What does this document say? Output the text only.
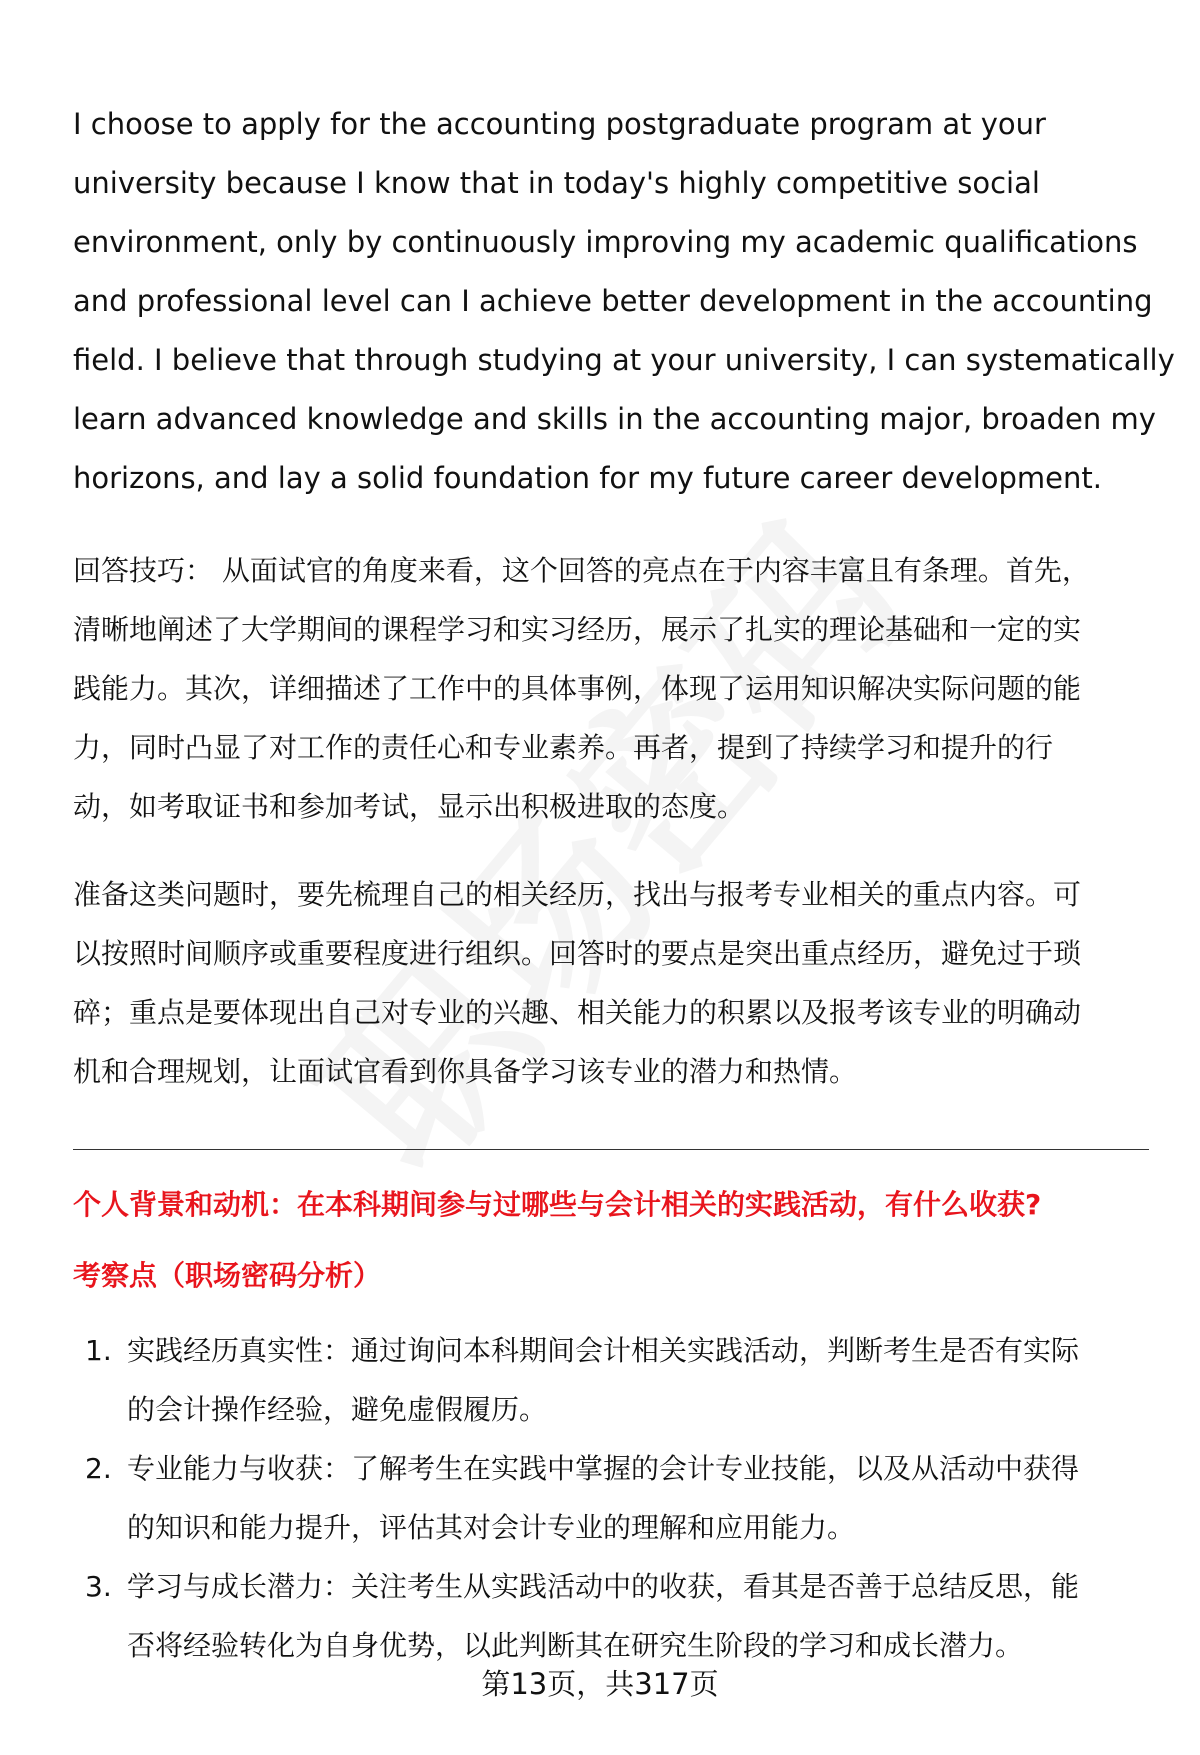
I choose to apply for the accounting postgraduate program at your
university because I know that in today's highly competitive social
environment, only by continuously improving my academic qualifications
and professional level can I achieve better development in the accounting
field. I believe that through studying at your university, I can systematically
learn advanced knowledge and skills in the accounting major, broaden my
horizons, and lay a solid foundation for my future career development.
回答技巧： 从面试官的角度来看，这个回答的亮点在于内容丰富且有条理。首先，
清晰地阐述了大学期间的课程学习和实习经历，展示了扎实的理论基础和一定的实
践能力。其次，详细描述了工作中的具体事例，体现了运用知识解决实际问题的能
力，同时凸显了对工作的责任心和专业素养。再者，提到了持续学习和提升的行
动，如考取证书和参加考试，显示出积极进取的态度。
准备这类问题时，要先梳理自己的相关经历，找出与报考专业相关的重点内容。可
以按照时间顺序或重要程度进行组织。回答时的要点是突出重点经历，避免过于琐
碎；重点是要体现出自己对专业的兴趣、相关能力的积累以及报考该专业的明确动
机和合理规划，让面试官看到你具备学习该专业的潜力和热情。
个人背景和动机：在本科期间参与过哪些与会计相关的实践活动，有什么收获?
考察点（职场密码分析）
1. 实践经历真实性：通过询问本科期间会计相关实践活动，判断考生是否有实际
的会计操作经验，避免虚假履历。
2. 专业能力与收获：了解考生在实践中掌握的会计专业技能，以及从活动中获得
的知识和能力提升，评估其对会计专业的理解和应用能力。
3. 学习与成长潜力：关注考生从实践活动中的收获，看其是否善于总结反思，能
否将经验转化为自身优势，以此判断其在研究生阶段的学习和成长潜力。
第13页，共317页
